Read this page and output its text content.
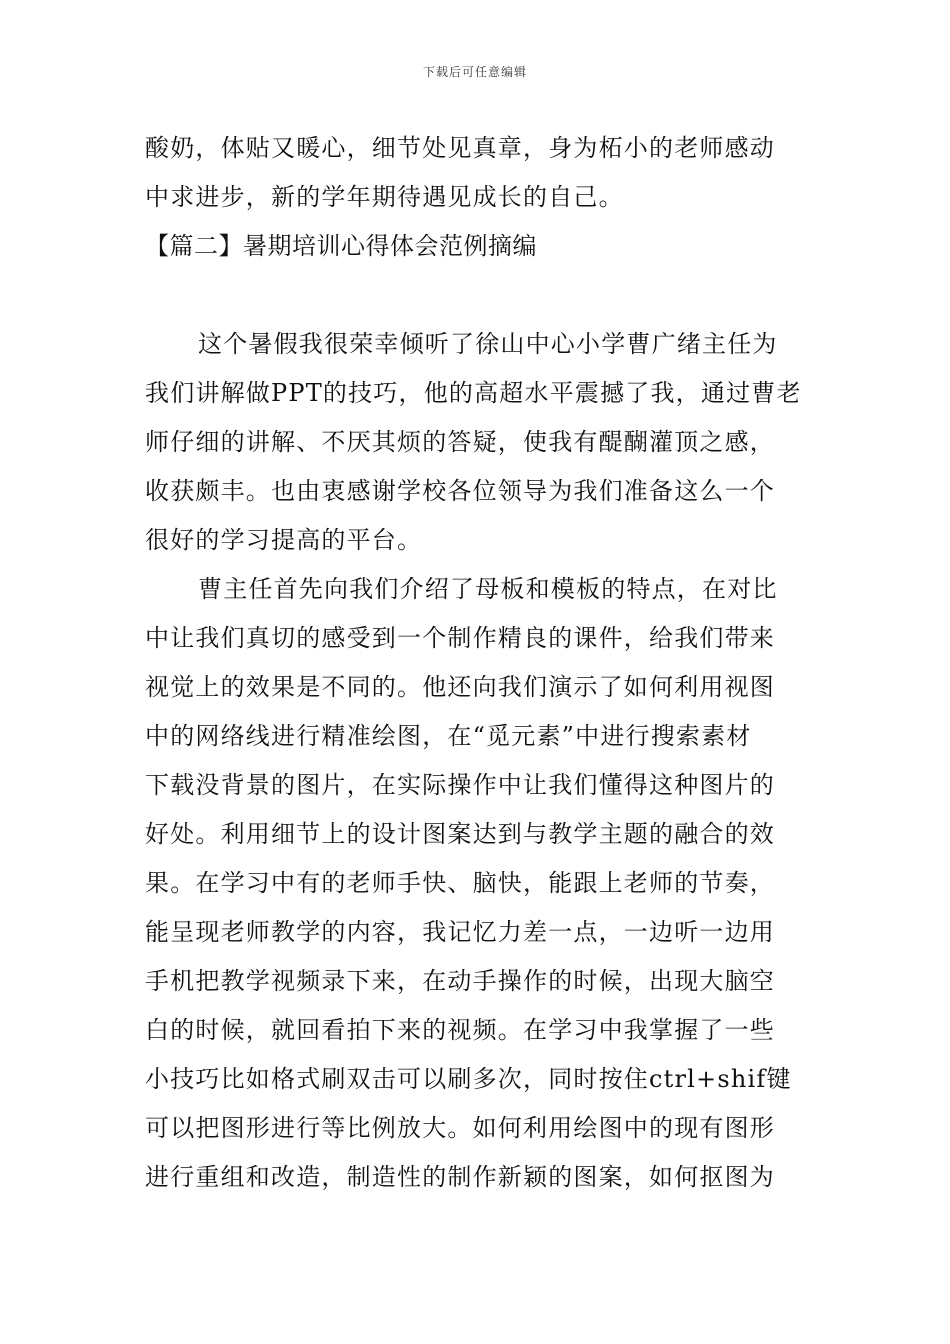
下载后可任意编辑
酸奶，体贴又暖心，细节处见真章，身为柘小的老师感动
中求进步，新的学年期待遇见成长的自己。
【篇二】暑期培训心得体会范例摘编
这个暑假我很荣幸倾听了徐山中心小学曹广绪主任为
我们讲解做PPT的技巧，他的高超水平震撼了我，通过曹老
师仔细的讲解、不厌其烦的答疑，使我有醍醐灌顶之感，
收获颇丰。也由衷感谢学校各位领导为我们准备这么一个
很好的学习提高的平台。
曹主任首先向我们介绍了母板和模板的特点，在对比
中让我们真切的感受到一个制作精良的课件，给我们带来
视觉上的效果是不同的。他还向我们演示了如何利用视图
中的网络线进行精准绘图，在“觅元素”中进行搜索素材
下载没背景的图片，在实际操作中让我们懂得这种图片的
好处。利用细节上的设计图案达到与教学主题的融合的效
果。在学习中有的老师手快、脑快，能跟上老师的节奏，
能呈现老师教学的内容，我记忆力差一点，一边听一边用
手机把教学视频录下来，在动手操作的时候，出现大脑空
白的时候，就回看拍下来的视频。在学习中我掌握了一些
小技巧比如格式刷双击可以刷多次，同时按住ctrl+shif键
可以把图形进行等比例放大。如何利用绘图中的现有图形
进行重组和改造，制造性的制作新颖的图案，如何抠图为
